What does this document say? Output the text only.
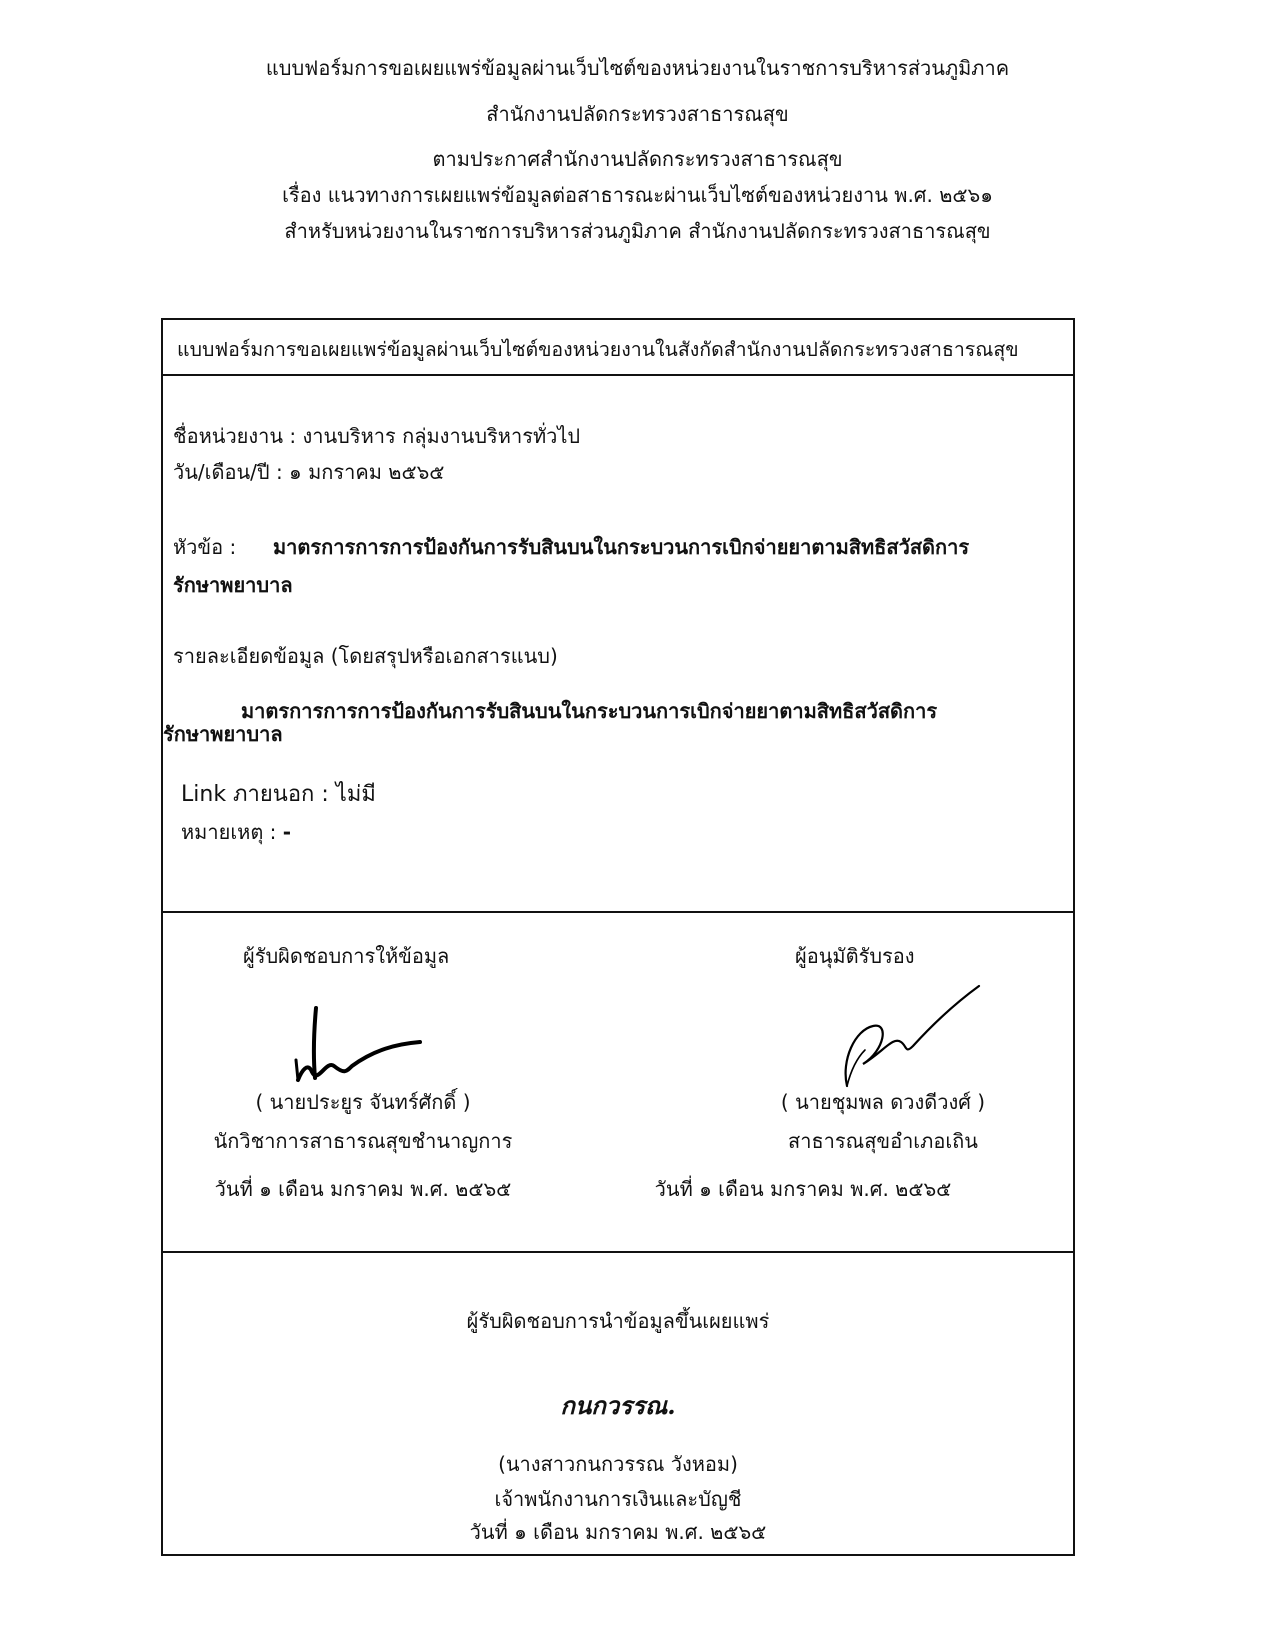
แบบฟอร์มการขอเผยแพร่ข้อมูลผ่านเว็บไซต์ของหน่วยงานในราชการบริหารส่วนภูมิภาค
สำนักงานปลัดกระทรวงสาธารณสุข
ตามประกาศสำนักงานปลัดกระทรวงสาธารณสุข
เรื่อง แนวทางการเผยแพร่ข้อมูลต่อสาธารณะผ่านเว็บไซต์ของหน่วยงาน พ.ศ. ๒๕๖๑
สำหรับหน่วยงานในราชการบริหารส่วนภูมิภาค สำนักงานปลัดกระทรวงสาธารณสุข
แบบฟอร์มการขอเผยแพร่ข้อมูลผ่านเว็บไซต์ของหน่วยงานในสังกัดสำนักงานปลัดกระทรวงสาธารณสุข
ชื่อหน่วยงาน : งานบริหาร กลุ่มงานบริหารทั่วไป
วัน/เดือน/ปี : ๑ มกราคม ๒๕๖๕
หัวข้อ : มาตรการการการป้องกันการรับสินบนในกระบวนการเบิกจ่ายยาตามสิทธิสวัสดิการ
รักษาพยาบาล
รายละเอียดข้อมูล (โดยสรุปหรือเอกสารแนบ)
มาตรการการการป้องกันการรับสินบนในกระบวนการเบิกจ่ายยาตามสิทธิสวัสดิการ
รักษาพยาบาล
Link ภายนอก : ไม่มี
หมายเหตุ : -
ผู้รับผิดชอบการให้ข้อมูล
( นายประยูร จันทร์ศักดิ์ )
นักวิชาการสาธารณสุขชำนาญการ
วันที่ ๑ เดือน มกราคม พ.ศ. ๒๕๖๕
ผู้อนุมัติรับรอง
( นายชุมพล ดวงดีวงศ์ )
สาธารณสุขอำเภอเถิน
วันที่ ๑ เดือน มกราคม พ.ศ. ๒๕๖๕
ผู้รับผิดชอบการนำข้อมูลขึ้นเผยแพร่
กนกวรรณ.
(นางสาวกนกวรรณ วังหอม)
เจ้าพนักงานการเงินและบัญชี
วันที่ ๑ เดือน มกราคม พ.ศ. ๒๕๖๕
